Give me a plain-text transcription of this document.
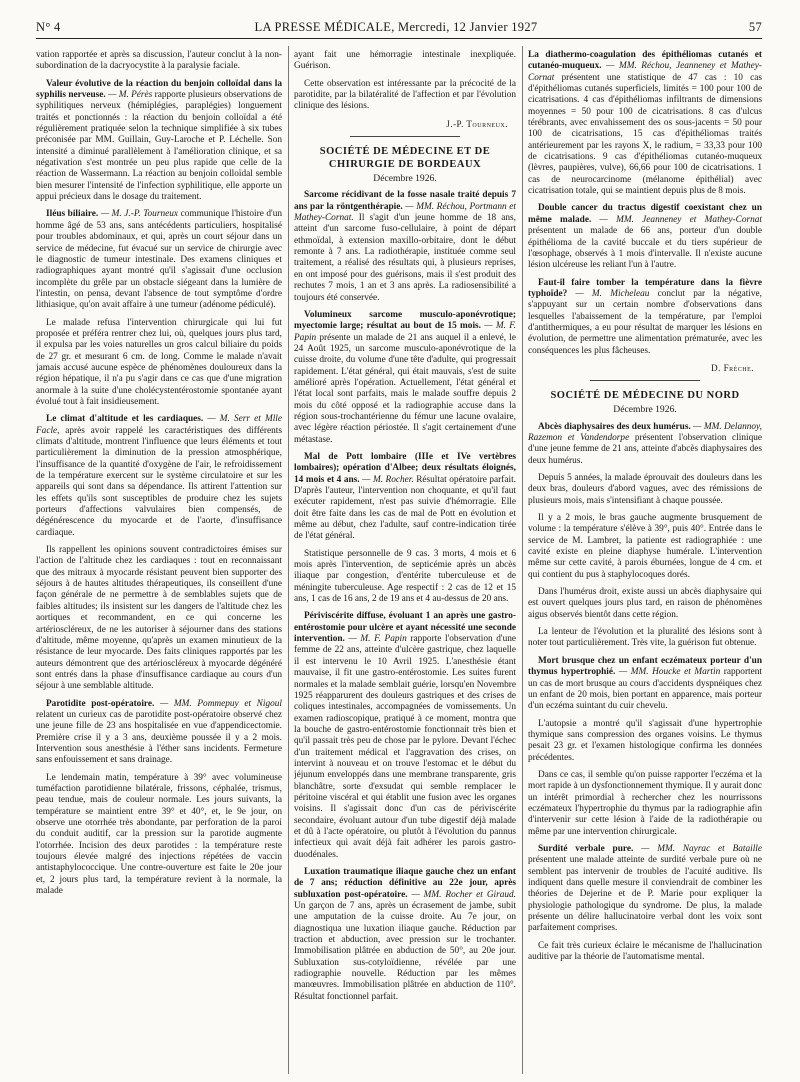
N° 4	LA PRESSE MÉDICALE, Mercredi, 12 Janvier 1927	57

vation rapportée et après sa discussion, l'auteur conclut à la non-subordination de la dacryocystite à la paralysie faciale.

Valeur évolutive de la réaction du benjoin colloïdal dans la syphilis nerveuse. — M. Pérès rapporte plusieurs observations de syphilitiques nerveux (hémiplégies, paraplégies) longuement traités et ponctionnés : la réaction du benjoin colloïdal a été régulièrement pratiquée selon la technique simplifiée à six tubes préconisée par MM. Guillain, Guy-Laroche et P. Léchelle. Son intensité a diminué parallèlement à l'amélioration clinique, et sa négativation s'est montrée un peu plus rapide que celle de la réaction de Wassermann. La réaction au benjoin colloïdal semble bien mesurer l'intensité de l'infection syphilitique, elle apporte un appui précieux dans le dosage du traitement.

Iléus biliaire. — M. J.-P. Tourneux communique l'histoire d'un homme âgé de 53 ans, sans antécédents particuliers, hospitalisé pour troubles abdominaux, et qui, après un court séjour dans un service de médecine, fut évacué sur un service de chirurgie avec le diagnostic de tumeur intestinale. Des examens cliniques et radiographiques ayant montré qu'il s'agissait d'une occlusion incomplète du grêle par un obstacle siégeant dans la lumière de l'intestin, on pensa, devant l'absence de tout symptôme d'ordre lithiasique, qu'on avait affaire à une tumeur (adénome pédiculé).

Le malade refusa l'intervention chirurgicale qui lui fut proposée et préféra rentrer chez lui, où, quelques jours plus tard, il expulsa par les voies naturelles un gros calcul biliaire du poids de 27 gr. et mesurant 6 cm. de long. Comme le malade n'avait jamais accusé aucune espèce de phénomènes douloureux dans la région hépatique, il n'a pu s'agir dans ce cas que d'une migration anormale à la suite d'une cholécystentérostomie spontanée ayant évolué tout à fait insidieusement.

Le climat d'altitude et les cardiaques. — M. Serr et Mlle Facle, après avoir rappelé les caractéristiques des différents climats d'altitude, montrent l'influence que leurs éléments et tout particulièrement la diminution de la pression atmosphérique, l'insuffisance de la quantité d'oxygène de l'air, le refroidissement de la température exercent sur le système circulatoire et sur les appareils qui sont dans sa dépendance. Ils attirent l'attention sur les effets qu'ils sont susceptibles de produire chez les sujets porteurs d'affections valvulaires bien compensés, de dégénérescence du myocarde et de l'aorte, d'insuffisance cardiaque.

Ils rappellent les opinions souvent contradictoires émises sur l'action de l'altitude chez les cardiaques : tout en reconnaissant que des mitraux à myocarde résistant peuvent bien supporter des séjours à de hautes altitudes thérapeutiques, ils conseillent d'une façon générale de ne permettre à de semblables sujets que de faibles altitudes; ils insistent sur les dangers de l'altitude chez les aortiques et recommandent, en ce qui concerne les artérioscléreux, de ne les autoriser à séjourner dans des stations d'altitude, même moyenne, qu'après un examen minutieux de la résistance de leur myocarde. Des faits cliniques rapportés par les auteurs démontrent que des artérioscléreux à myocarde dégénéré sont entrés dans la phase d'insuffisance cardiaque au cours d'un séjour à une semblable altitude.

Parotidite post-opératoire. — MM. Pommepuy et Nigoul relatent un curieux cas de parotidite post-opératoire observé chez une jeune fille de 23 ans hospitalisée en vue d'appendicectomie. Première crise il y a 3 ans, deuxième poussée il y a 2 mois. Intervention sous anesthésie à l'éther sans incidents. Fermeture sans enfouissement et sans drainage.

Le lendemain matin, température à 39° avec volumineuse tuméfaction parotidienne bilatérale, frissons, céphalée, trismus, peau tendue, mais de couleur normale. Les jours suivants, la température se maintient entre 39° et 40°, et, le 9e jour, on observe une otorrhée très abondante, par perforation de la paroi du conduit auditif, car la pression sur la parotide augmente l'otorrhée. Incision des deux parotides : la température reste toujours élevée malgré des injections répétées de vaccin antistaphylococcique. Une contre-ouverture est faite le 20e jour et, 2 jours plus tard, la température revient à la normale, la malade

ayant fait une hémorragie intestinale inexpliquée. Guérison.

Cette observation est intéressante par la précocité de la parotidite, par la bilatéralité de l'affection et par l'évolution clinique des lésions.

J.-P. Tourneux.
SOCIÉTÉ DE MÉDECINE ET DE CHIRURGIE DE BORDEAUX
Décembre 1926.

Sarcome récidivant de la fosse nasale traité depuis 7 ans par la röntgenthérapie. — MM. Réchou, Portmann et Mathey-Cornat. Il s'agit d'un jeune homme de 18 ans, atteint d'un sarcome fuso-cellulaire, à point de départ ethmoïdal, à extension maxillo-orbitaire, dont le début remonte à 7 ans. La radiothérapie, instituée comme seul traitement, a réalisé des résultats qui, à plusieurs reprises, en ont imposé pour des guérisons, mais il s'est produit des rechutes 7 mois, 1 an et 3 ans après. La radiosensibilité a toujours été conservée.

Volumineux sarcome musculo-aponévrotique; myectomie large; résultat au bout de 15 mois. — M. F. Papin présente un malade de 21 ans auquel il a enlevé, le 24 Août 1925, un sarcome musculo-aponévrotique de la cuisse droite, du volume d'une tête d'adulte, qui progressait rapidement. L'état général, qui était mauvais, s'est de suite amélioré après l'opération. Actuellement, l'état général et l'état local sont parfaits, mais le malade souffre depuis 2 mois du côté opposé et la radiographie accuse dans la région sous-trochantérienne du fémur une lacune ovalaire, avec légère réaction périostée. Il s'agit certainement d'une métastase.

Mal de Pott lombaire (IIIe et IVe vertèbres lombaires); opération d'Albee; deux résultats éloignés, 14 mois et 4 ans. — M. Rocher. Résultat opératoire parfait. D'après l'auteur, l'intervention non choquante, et qu'il faut exécuter rapidement, n'est pas suivie d'hémorragie. Elle doit être faite dans les cas de mal de Pott en évolution et même au début, chez l'adulte, sauf contre-indication tirée de l'état général.

Statistique personnelle de 9 cas. 3 morts, 4 mois et 6 mois après l'intervention, de septicémie après un abcès iliaque par congestion, d'entérite tuberculeuse et de méningite tuberculeuse. Age respectif : 2 cas de 12 et 15 ans, 1 cas de 16 ans, 2 de 19 ans et 4 au-dessus de 20 ans.

Périviscérite diffuse, évoluant 1 an après une gastro-entérostomie pour ulcère et ayant nécessité une seconde intervention. — M. F. Papin rapporte l'observation d'une femme de 22 ans, atteinte d'ulcère gastrique, chez laquelle il est intervenu le 10 Avril 1925. L'anesthésie étant mauvaise, il fit une gastro-entérostomie. Les suites furent normales et la malade semblait guérie, lorsqu'en Novembre 1925 réapparurent des douleurs gastriques et des crises de coliques intestinales, accompagnées de vomissements. Un examen radioscopique, pratiqué à ce moment, montra que la bouche de gastro-entérostomie fonctionnait très bien et qu'il passait très peu de chose par le pylore. Devant l'échec d'un traitement médical et l'aggravation des crises, on intervint à nouveau et on trouve l'estomac et le début du jéjunum enveloppés dans une membrane transparente, gris blanchâtre, sorte d'exsudat qui semble remplacer le péritoine viscéral et qui établit une fusion avec les organes voisins. Il s'agissait donc d'un cas de périviscérite secondaire, évoluant autour d'un tube digestif déjà malade et dû à l'acte opératoire, ou plutôt à l'évolution du pannus infectieux qui avait déjà fait adhérer les parois gastro-duodénales.

Luxation traumatique iliaque gauche chez un enfant de 7 ans; réduction définitive au 22e jour, après subluxation post-opératoire. — MM. Rocher et Giraud. Un garçon de 7 ans, après un écrasement de jambe, subit une amputation de la cuisse droite. Au 7e jour, on diagnostiqua une luxation iliaque gauche. Réduction par traction et abduction, avec pression sur le trochanter. Immobilisation plâtrée en abduction de 50°, au 20e jour. Subluxation sus-cotyloïdienne, révélée par une radiographie nouvelle. Réduction par les mêmes manœuvres. Immobilisation plâtrée en abduction de 110°. Résultat fonctionnel parfait.

La diathermo-coagulation des épithéliomas cutanés et cutanéo-muqueux. — MM. Réchou, Jeanneney et Mathey-Cornat présentent une statistique de 47 cas : 10 cas d'épithéliomas cutanés superficiels, limités = 100 pour 100 de cicatrisations. 4 cas d'épithéliomas infiltrants de dimensions moyennes = 50 pour 100 de cicatrisations. 8 cas d'ulcus térébrants, avec envahissement des os sous-jacents = 50 pour 100 de cicatrisations, 15 cas d'épithéliomas traités antérieurement par les rayons X, le radium, = 33,33 pour 100 de cicatrisations. 9 cas d'épithéliomas cutanéo-muqueux (lèvres, paupières, vulve), 66,66 pour 100 de cicatrisations. 1 cas de neurocarcinome (mélanome épithélial) avec cicatrisation totale, qui se maintient depuis plus de 8 mois.

Double cancer du tractus digestif coexistant chez un même malade. — MM. Jeanneney et Mathey-Cornat présentent un malade de 66 ans, porteur d'un double épithélioma de la cavité buccale et du tiers supérieur de l'œsophage, observés à 1 mois d'intervalle. Il n'existe aucune lésion ulcéreuse les reliant l'un à l'autre.

Faut-il faire tomber la température dans la fièvre typhoïde? — M. Micheleau conclut par la négative, s'appuyant sur un certain nombre d'observations dans lesquelles l'abaissement de la température, par l'emploi d'antithermiques, a eu pour résultat de marquer les lésions en évolution, de permettre une alimentation prématurée, avec les conséquences les plus fâcheuses.

D. Frèche.
SOCIÉTÉ DE MÉDECINE DU NORD
Décembre 1926.

Abcès diaphysaires des deux humérus. — MM. Delannoy, Razemon et Vandendorpe présentent l'observation clinique d'une jeune femme de 21 ans, atteinte d'abcès diaphysaires des deux humérus.

Depuis 5 années, la malade éprouvait des douleurs dans les deux bras, douleurs d'abord vagues, avec des rémissions de plusieurs mois, mais s'intensifiant à chaque poussée.

Il y a 2 mois, le bras gauche augmente brusquement de volume : la température s'élève à 39°, puis 40°. Entrée dans le service de M. Lambret, la patiente est radiographiée : une cavité existe en pleine diaphyse humérale. L'intervention même sur cette cavité, à parois éburnées, longue de 4 cm. et qui contient du pus à staphylocoques dorés.

Dans l'humérus droit, existe aussi un abcès diaphysaire qui est ouvert quelques jours plus tard, en raison de phénomènes aigus observés bientôt dans cette région.

La lenteur de l'évolution et la pluralité des lésions sont à noter tout particulièrement. Très vite, la guérison fut obtenue.

Mort brusque chez un enfant eczémateux porteur d'un thymus hypertrophié. — MM. Houcke et Martin rapportent un cas de mort brusque au cours d'accidents dyspnéiques chez un enfant de 20 mois, bien portant en apparence, mais porteur d'un eczéma suintant du cuir chevelu.

L'autopsie a montré qu'il s'agissait d'une hypertrophie thymique sans compression des organes voisins. Le thymus pesait 23 gr. et l'examen histologique confirma les données précédentes.

Dans ce cas, il semble qu'on puisse rapporter l'eczéma et la mort rapide à un dysfonctionnement thymique. Il y aurait donc un intérêt primordial à rechercher chez les nourrissons eczémateux l'hypertrophie du thymus par la radiographie afin d'intervenir sur cette lésion à l'aide de la radiothérapie ou même par une intervention chirurgicale.

Surdité verbale pure. — MM. Nayrac et Bataille présentent une malade atteinte de surdité verbale pure où ne semblent pas intervenir de troubles de l'acuité auditive. Ils indiquent dans quelle mesure il conviendrait de combiner les théories de Dejerine et de P. Marie pour expliquer la physiologie pathologique du syndrome. De plus, la malade présente un délire hallucinatoire verbal dont les voix sont parfaitement comprises.

Ce fait très curieux éclaire le mécanisme de l'hallucination auditive par la théorie de l'automatisme mental.
